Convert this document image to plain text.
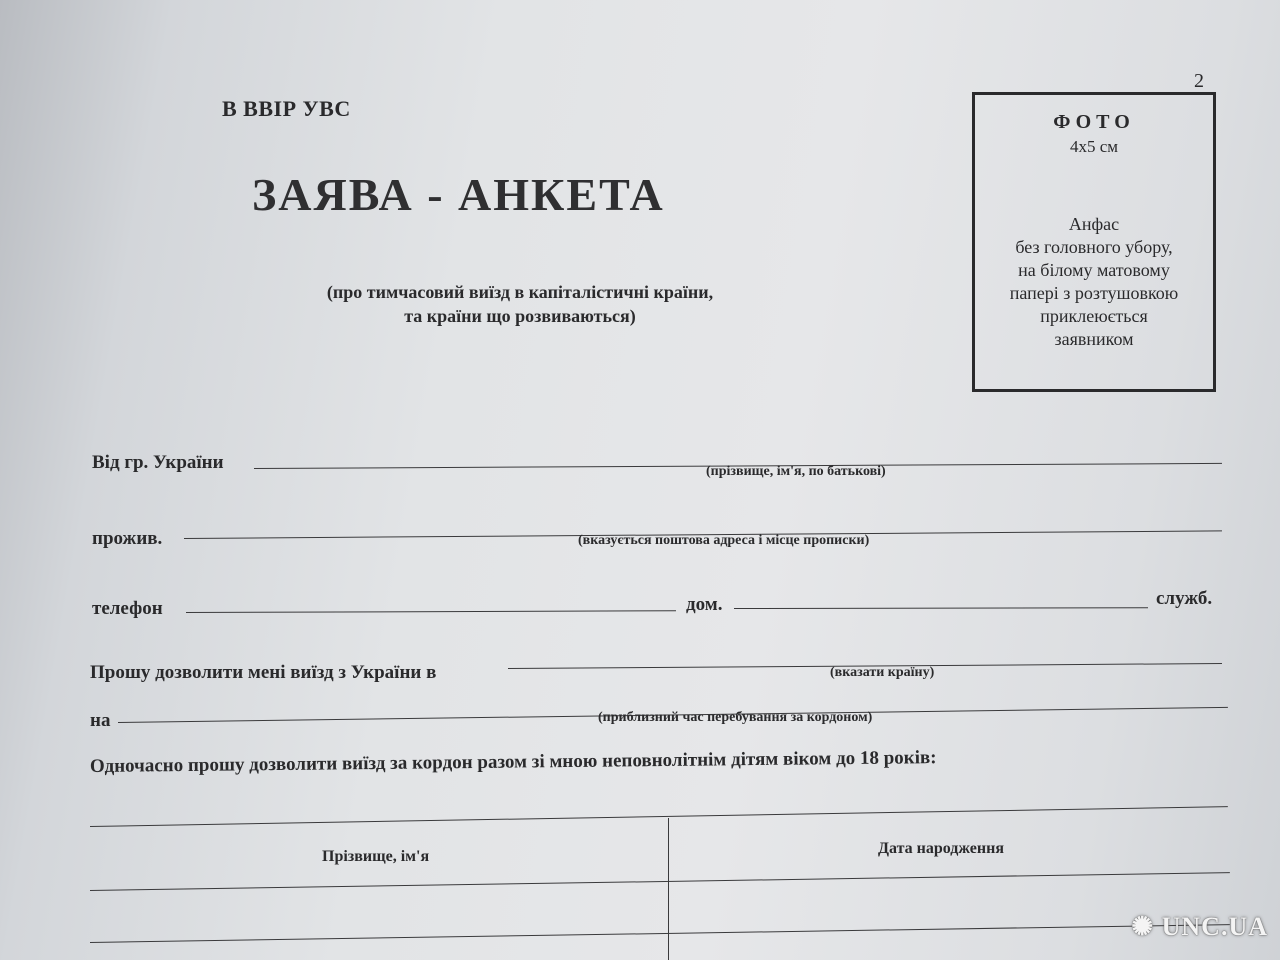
2
В ВВІР УВС
ЗАЯВА - АНКЕТА
(про тимчасовий виїзд в капіталістичні країни,
та країни що розвиваються)
ФОТО
4х5 см
Анфас
без головного убору,
на білому матовому
папері з розтушовкою
приклеюється
заявником
Від гр. України	(прізвище, ім'я, по батькові)
прожив.	(вказується поштова адреса і місце прописки)
телефон	дом.	служб.
Прошу дозволити мені виїзд з України в	(вказати країну)
на	(приблизний час перебування за кордоном)
Одночасно прошу дозволити виїзд за кордон разом зі мною неповнолітнім дітям віком до 18 років:
Прізвище, ім'я	Дата народження
✺ UNC.UA
